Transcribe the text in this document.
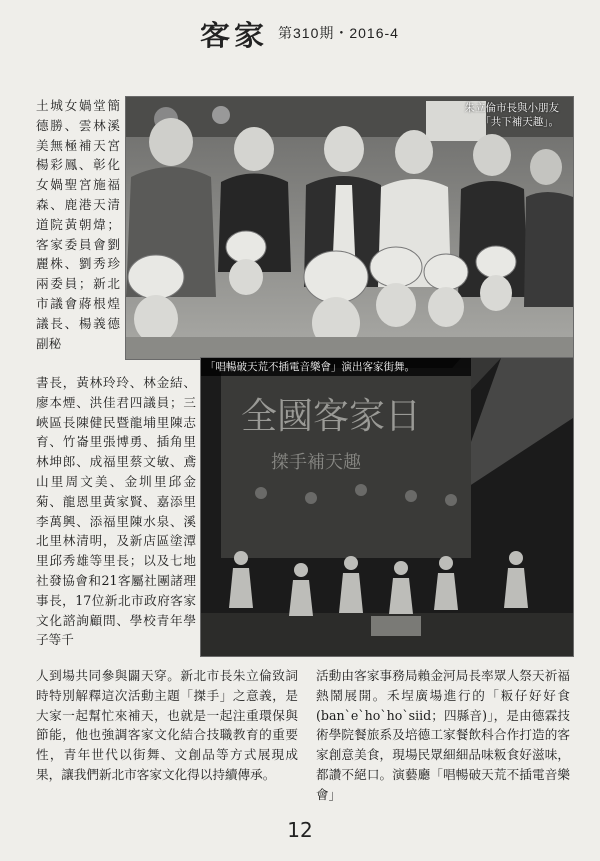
客家 第310期・2016-4

土城女媧堂簡德勝、雲林溪美無極補天宮楊彩鳳、彰化女媧聖宮施福森、鹿港天清道院黃朝煒；客家委員會劉麗株、劉秀珍兩委員；新北市議會蔣根煌議長、楊義德副秘

朱立倫市長與小朋友
「共下補天趣」。

書長，黃林玲玲、林金結、廖本煙、洪佳君四議員；三峽區長陳健民暨龍埔里陳志育、竹崙里張博勇、插角里林坤郎、成福里蔡文敏、鳶山里周文美、金圳里邱金菊、龍恩里黃家賢、嘉添里李萬興、添福里陳水泉、溪北里林清明，及新店區塗潭里邱秀雄等里長；以及七地社發協會和21客屬社團諸理事長，17位新北市政府客家文化諮詢顧問、學校青年學子等千

全國客家日
搩手補天趣
「唱暢破天荒不插電音樂會」演出客家街舞。

人到場共同參與闢天穿。新北市長朱立倫致詞時特別解釋這次活動主題「搩手」之意義，是大家一起幫忙來補天，也就是一起注重環保與節能，他也強調客家文化結合技職教育的重要性，青年世代以街舞、文創品等方式展現成果，讓我們新北市客家文化得以持續傳承。

活動由客家事務局賴金河局長率眾人祭天祈福熱鬧展開。禾埕廣場進行的「粄仔好好食(ban`e`ho`ho`siid；四縣音)」，是由德霖技術學院餐旅系及培德工家餐飲科合作打造的客家創意美食，現場民眾細細品味粄食好滋味，都讚不絕口。演藝廳「唱暢破天荒不插電音樂會」

12
